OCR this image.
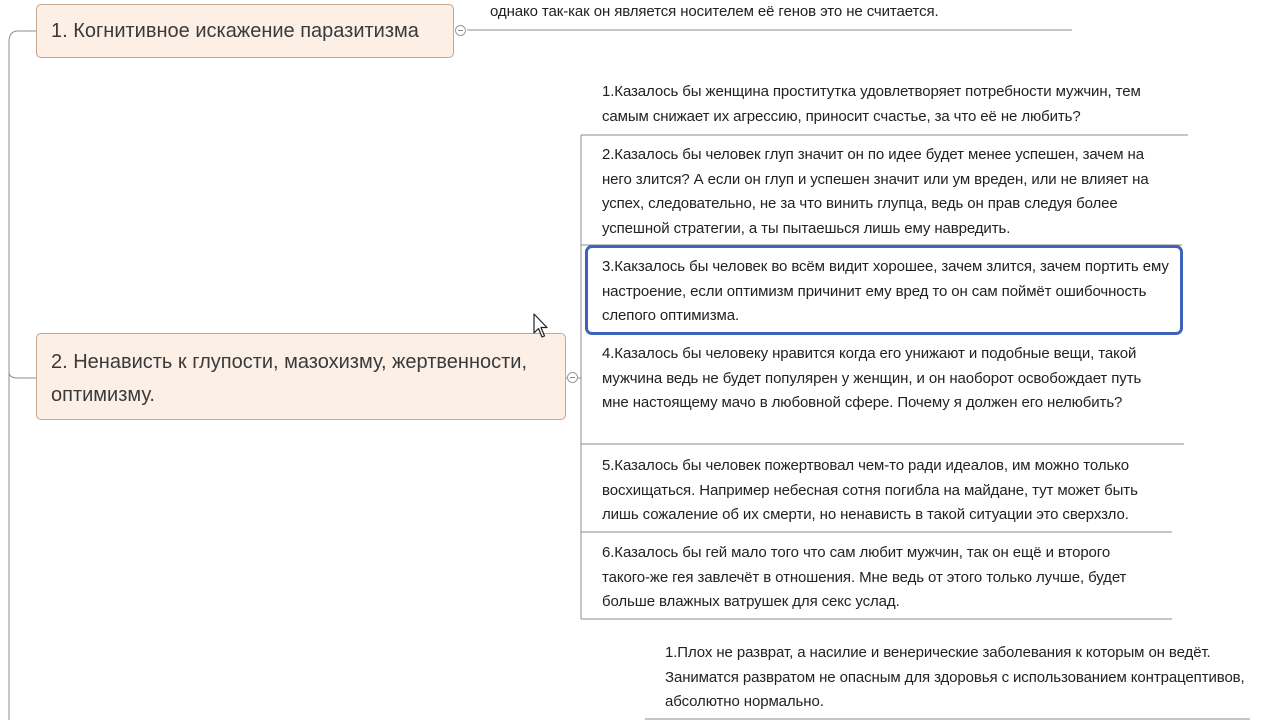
1. Когнитивное искажение паразитизма

однако так-как он является носителем её генов это не считается.

2. Ненависть к глупости, мазохизму, жертвенности, оптимизму.

1.Казалось бы женщина проститутка удовлетворяет потребности мужчин, тем самым снижает их агрессию, приносит счастье, за что её не любить?

2.Казалось бы человек глуп значит он по идее будет менее успешен, зачем на него злится? А если он глуп и успешен значит или ум вреден, или не влияет на успех, следовательно, не за что винить глупца, ведь он прав следуя более успешной стратегии, а ты пытаешься лишь ему навредить.

3.Какзалось бы человек во всём видит хорошее, зачем злится, зачем портить ему настроение, если оптимизм причинит ему вред то он сам поймёт ошибочность слепого оптимизма.

4.Казалось бы человеку нравится когда его унижают и подобные вещи, такой мужчина ведь не будет популярен у женщин, и он наоборот освобождает путь мне настоящему мачо в любовной сфере. Почему я должен его нелюбить?

5.Казалось бы человек пожертвовал чем-то ради идеалов, им можно только восхищаться. Например небесная сотня погибла на майдане, тут может быть лишь сожаление об их смерти, но ненависть в такой ситуации это сверхзло.

6.Казалось бы гей мало того что сам любит мужчин, так он ещё и второго такого-же гея завлечёт в отношения. Мне ведь от этого только лучше, будет больше влажных ватрушек для секс услад.

1.Плох не разврат, а насилие и венерические заболевания к которым он ведёт. Заниматся развратом не опасным для здоровья с использованием контрацептивов, абсолютно нормально.
